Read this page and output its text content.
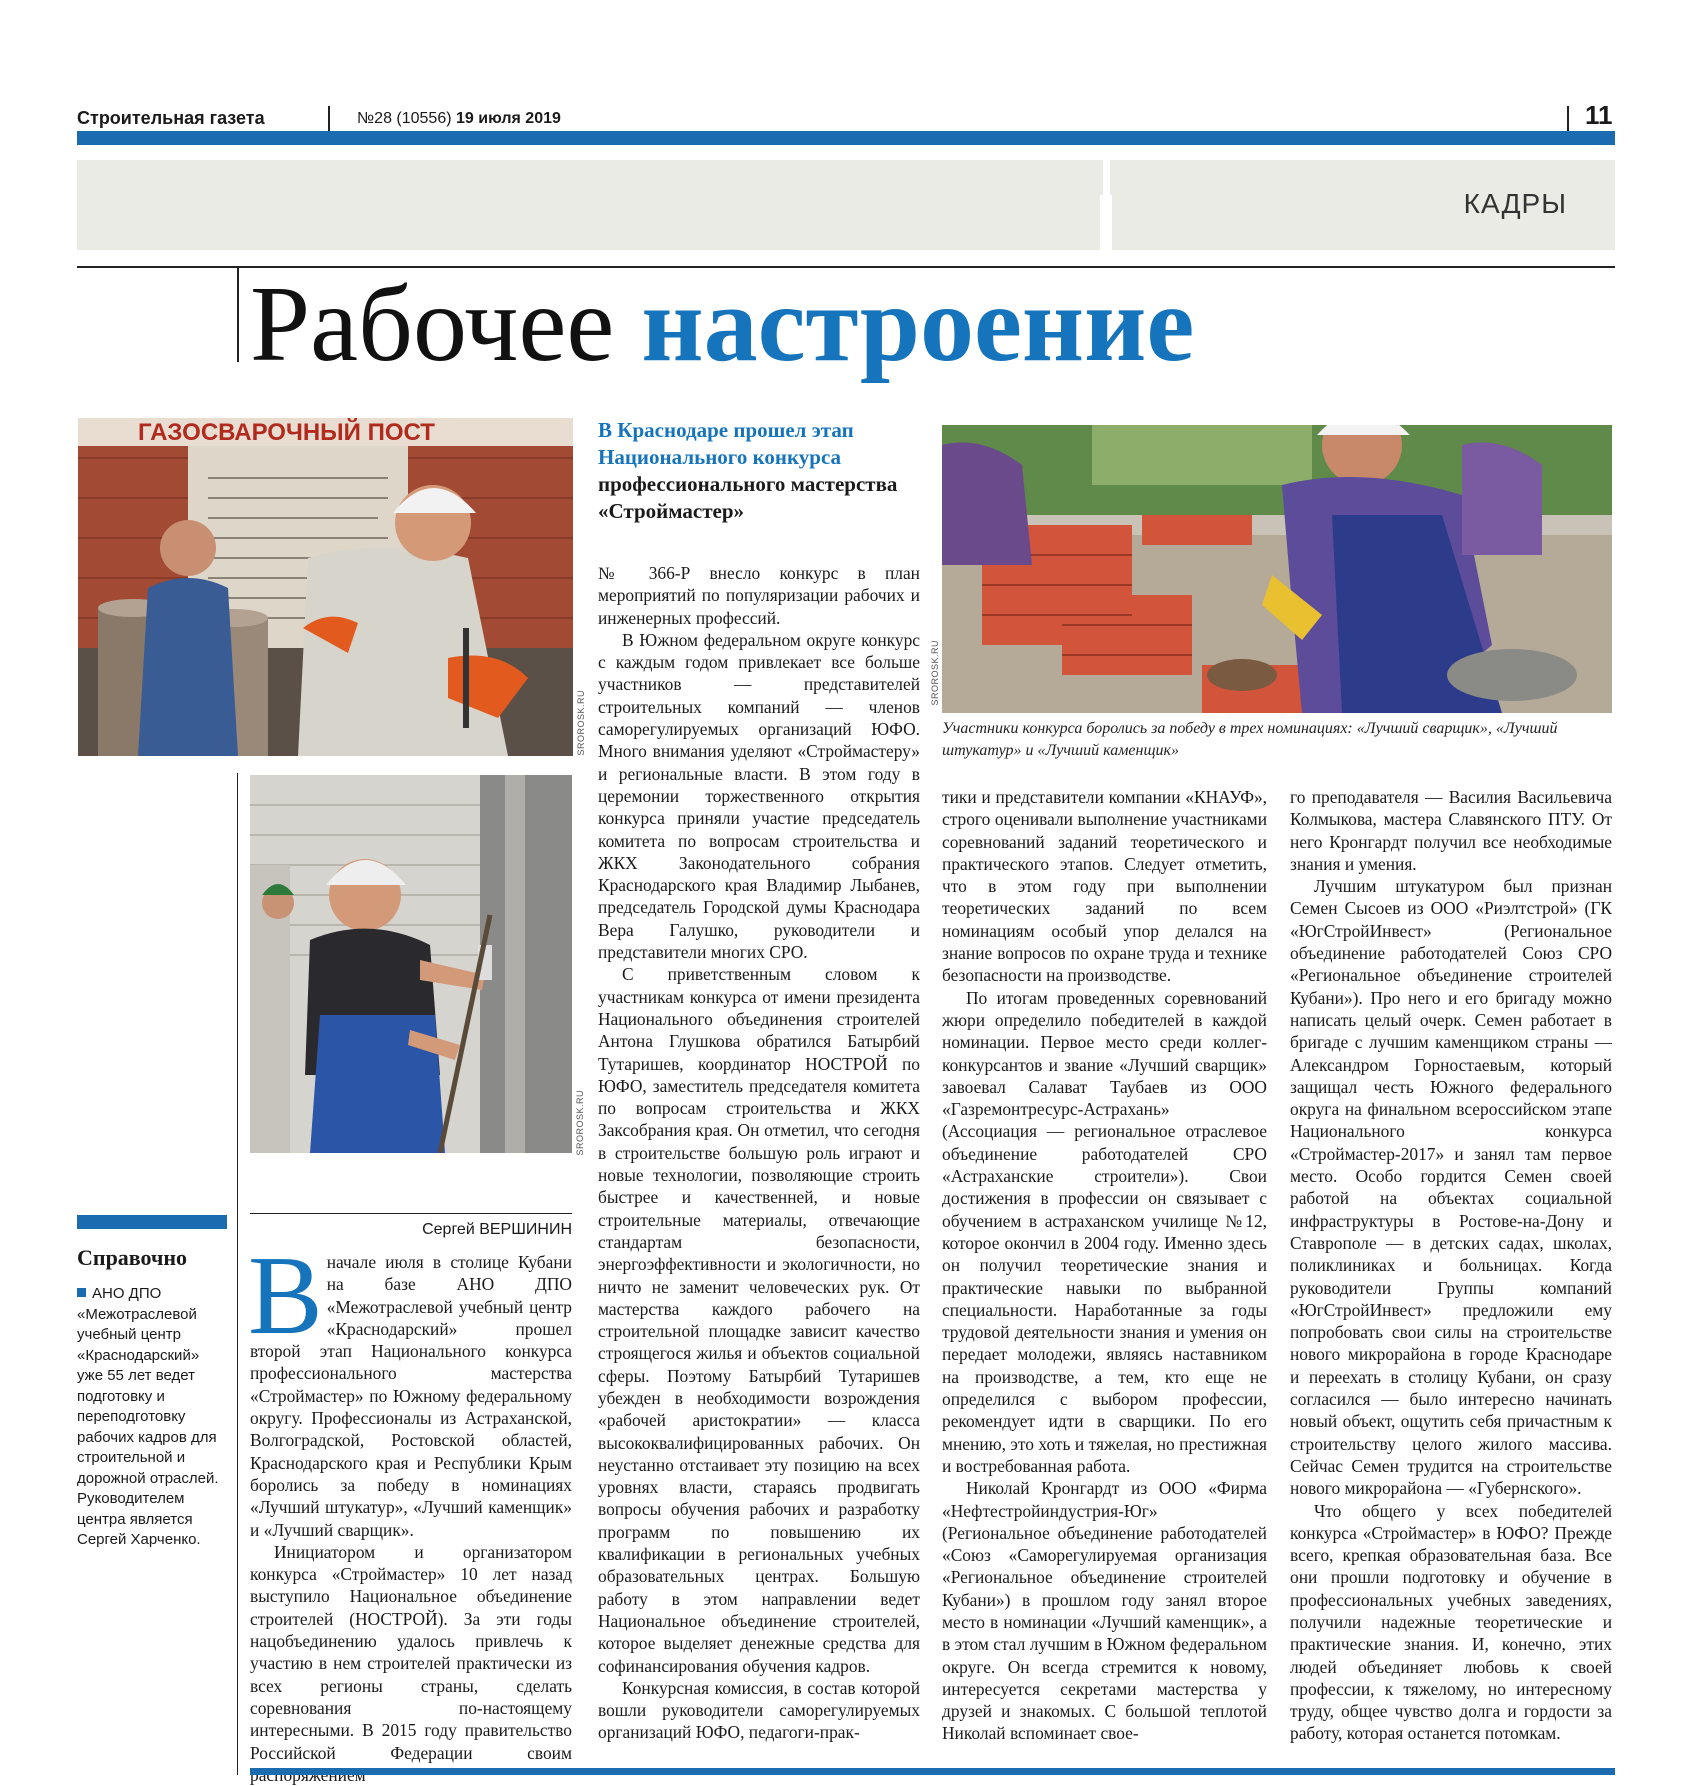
Строительная газета	№28 (10556) 19 июля 2019	11
КАДРЫ
Рабочее настроение
ГАЗОСВАРОЧНЫЙ ПОСТ
SROROSK.RU
SROROSK.RU
SROROSK.RU
Участники конкурса боролись за победу в трех номинациях: «Лучший сварщик», «Лучший штукатур» и «Лучший каменщик»
В Краснодаре прошел этап Национального конкурса профессионального мастерства «Строймастер»
Справочно
АНО ДПО «Межотраслевой учебный центр «Краснодарский» уже 55 лет ведет подготовку и переподготовку рабочих кадров для строительной и дорожной отраслей. Руководителем центра является Сергей Харченко.
Сергей ВЕРШИНИН

Вначале июля в столице Кубани на базе АНО ДПО «Межотраслевой учебный центр «Краснодарский» прошел второй этап Национального конкурса профессионального мастерства «Строймастер» по Южному федеральному округу. Профессионалы из Астраханской, Волгоградской, Ростовской областей, Краснодарского края и Республики Крым боролись за победу в номинациях «Лучший штукатур», «Лучший каменщик» и «Лучший сварщик».

Инициатором и организатором конкурса «Строймастер» 10 лет назад выступило Национальное объединение строителей (НОСТРОЙ). За эти годы нацобъединению удалось привлечь к участию в нем строителей практически из всех регионы страны, сделать соревнования по-настоящему интересными. В 2015 году правительство Российской Федерации своим

№ 366-Р внесло конкурс в план мероприятий по популяризации рабочих и инженерных профессий.

В Южном федеральном округе конкурс с каждым годом привлекает все больше участников — представителей строительных компаний — членов саморегулируемых организаций ЮФО. Много внимания уделяют «Строймастеру» и региональные власти. В этом году в церемонии торжественного открытия конкурса приняли участие председатель комитета по вопросам строительства и ЖКХ Законодательного собрания Краснодарского края Владимир Лыбанев, председатель Городской думы Краснодара Вера Галушко, руководители и представители многих СРО.

С приветственным словом к участникам конкурса от имени президента Национального объединения строителей Антона Глушкова обратился Батырбий Тутаришев, координатор НОСТРОЙ по ЮФО, заместитель председателя комитета по вопросам строительства и ЖКХ Заксобрания края. Он отметил, что сегодня в строительстве большую роль играют и новые технологии, позволяющие строить быстрее и качественней, и новые строительные материалы, отвечающие стандартам безопасности, энергоэффективности и экологичности, но ничто не заменит человеческих рук. От мастерства каждого рабочего на строительной площадке зависит качество строящегося жилья и объектов социальной сферы. Поэтому Батырбий Тутаришев убежден в необходимости возрождения «рабочей аристократии» — класса высококвалифицированных рабочих. Он неустанно отстаивает эту позицию на всех уровнях власти, стараясь продвигать вопросы обучения рабочих и разработку программ по повышению их квалификации в региональных учебных образовательных центрах. Большую работу в этом направлении ведет Национальное объединение строителей, которое выделяет денежные средства для софинансирования обучения кадров.

Конкурсная комиссия, в состав которой вошли руководители саморегулируемых организаций ЮФО, педагоги-прак-

тики и представители компании «КНАУФ», строго оценивали выполнение участниками соревнований заданий теоретического и практического этапов. Следует отметить, что в этом году при выполнении теоретических заданий по всем номинациям особый упор делался на знание вопросов по охране труда и технике безопасности на производстве.

По итогам проведенных соревнований жюри определило победителей в каждой номинации. Первое место среди коллег-конкурсантов и звание «Лучший сварщик» завоевал Салават Таубаев из ООО «Газремонтресурс-Астрахань» (Ассоциация — региональное отраслевое объединение работодателей СРО «Астраханские строители»). Свои достижения в профессии он связывает с обучением в астраханском училище №12, которое окончил в 2004 году. Именно здесь он получил теоретические знания и практические навыки по выбранной специальности. Наработанные за годы трудовой деятельности знания и умения он передает молодежи, являясь наставником на производстве, а тем, кто еще не определился с выбором профессии, рекомендует идти в сварщики. По его мнению, это хоть и тяжелая, но престижная и востребованная работа.

Николай Кронгардт из ООО «Фирма «Нефтестройиндустрия-Юг» (Региональное объединение работодателей «Союз «Саморегулируемая организация «Региональное объединение строителей Кубани») в прошлом году занял второе место в номинации «Лучший каменщик», а в этом стал лучшим в Южном федеральном округе. Он всегда стремится к новому, интересуется секретами мастерства у друзей и знакомых. С большой теплотой Николай вспоминает свое-

го преподавателя — Василия Васильевича Колмыкова, мастера Славянского ПТУ. От него Кронгардт получил все необходимые знания и умения.

Лучшим штукатуром был признан Семен Сысоев из ООО «Риэлтстрой» (ГК «ЮгСтройИнвест» (Региональное объединение работодателей Союз СРО «Региональное объединение строителей Кубани»). Про него и его бригаду можно написать целый очерк. Семен работает в бригаде с лучшим каменщиком страны — Александром Горностаевым, который защищал честь Южного федерального округа на финальном всероссийском этапе Национального конкурса «Строймастер-2017» и занял там первое место. Особо гордится Семен своей работой на объектах социальной инфраструктуры в Ростове-на-Дону и Ставрополе — в детских садах, школах, поликлиниках и больницах. Когда руководители Группы компаний «ЮгСтройИнвест» предложили ему попробовать свои силы на строительстве нового микрорайона в городе Краснодаре и переехать в столицу Кубани, он сразу согласился — было интересно начинать новый объект, ощутить себя причастным к строительству целого жилого массива. Сейчас Семен трудится на строительстве нового микрорайона — «Губернского».

Что общего у всех победителей конкурса «Строймастер» в ЮФО? Прежде всего, крепкая образовательная база. Все они прошли подготовку и обучение в профессиональных учебных заведениях, получили надежные теоретические и практические знания. И, конечно, этих людей объединяет любовь к своей профессии, к тяжелому, но интересному труду, общее чувство долга и гордости за работу, которая останется потомкам.
